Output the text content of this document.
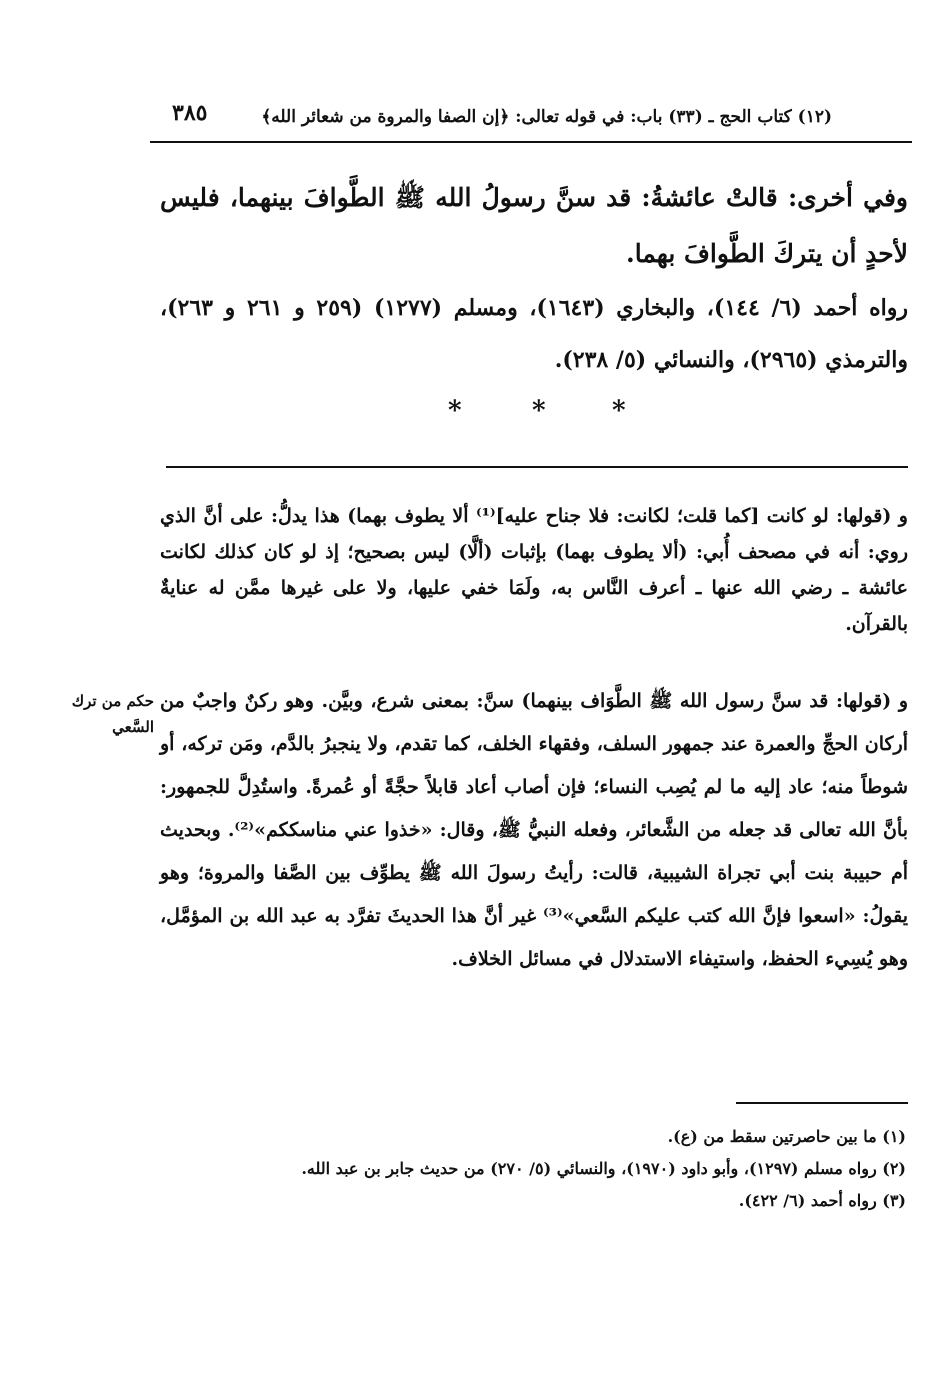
(١٢) كتاب الحج ـ (٣٣) باب: في قوله تعالى: ﴿إن الصفا والمروة من شعائر الله﴾
٣٨٥
وفي أخرى: قالتْ عائشةُ: قد سنَّ رسولُ الله ﷺ الطَّوافَ بينهما، فليس لأحدٍ أن يتركَ الطَّوافَ بهما.
رواه أحمد (٦/ ١٤٤)، والبخاري (١٦٤٣)، ومسلم (١٢٧٧) (٢٥٩ و ٢٦١ و ٢٦٣)، والترمذي (٢٩٦٥)، والنسائي (٥/ ٢٣٨).
*	*	*
و (قولها: لو كانت [كما قلت؛ لكانت: فلا جناح عليه]⁽¹⁾ ألا يطوف بهما) هذا يدلُّ: على أنَّ الذي روي: أنه في مصحف أُبي: (ألا يطوف بهما) بإثبات (ألَّا) ليس بصحيح؛ إذ لو كان كذلك لكانت عائشة ـ رضي الله عنها ـ أعرف النَّاس به، ولَمَا خفي عليها، ولا على غيرها ممَّن له عنايةٌ بالقرآن.
و (قولها: قد سنَّ رسول الله ﷺ الطَّوَاف بينهما) سنَّ: بمعنى شرع، وبيَّن. وهو ركنٌ واجبٌ من أركان الحجِّ والعمرة عند جمهور السلف، وفقهاء الخلف، كما تقدم، ولا ينجبرُ بالدَّم، ومَن تركه، أو شوطاً منه؛ عاد إليه ما لم يُصِب النساء؛ فإن أصاب أعاد قابلاً حجَّةً أو عُمرةً. واستُدِلَّ للجمهور: بأنَّ الله تعالى قد جعله من الشَّعائر، وفعله النبيُّ ﷺ، وقال: «خذوا عني مناسككم»⁽²⁾. وبحديث أم حبيبة بنت أبي تجراة الشيبية، قالت: رأيتُ رسولَ الله ﷺ يطوِّف بين الصَّفا والمروة؛ وهو يقولُ: «اسعوا فإنَّ الله كتب عليكم السَّعي»⁽³⁾ غير أنَّ هذا الحديثَ تفرَّد به عبد الله بن المؤمَّل، وهو يُسِيء الحفظ، واستيفاء الاستدلال في مسائل الخلاف.
حكم من ترك السَّعي

(١) ما بين حاصرتين سقط من (ع).

(٢) رواه مسلم (١٢٩٧)، وأبو داود (١٩٧٠)، والنسائي (٥/ ٢٧٠) من حديث جابر بن عبد الله.

(٣) رواه أحمد (٦/ ٤٢٢).
